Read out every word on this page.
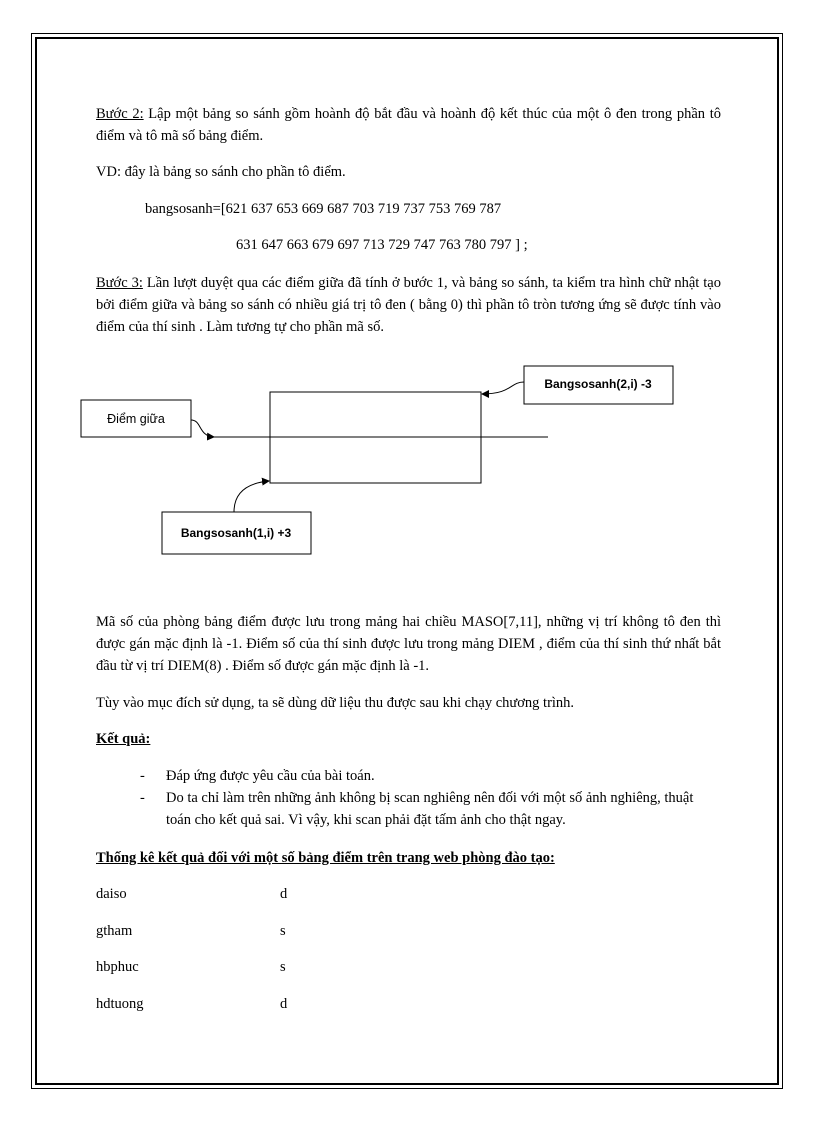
Bước 2: Lập một bảng so sánh gồm hoành độ bắt đầu và hoành độ kết thúc của một ô đen trong phần tô điểm và tô mã số bảng điểm.
VD: đây là bảng so sánh cho phần tô điểm.
bangsosanh=[621 637 653 669 687 703 719 737 753 769 787
631 647 663 679 697 713 729 747 763 780 797 ] ;
Bước 3: Lần lượt duyệt qua các điểm giữa đã tính ở bước 1, và bảng so sánh, ta kiểm tra hình chữ nhật tạo bởi điểm giữa và bảng so sánh có nhiều giá trị tô đen ( bằng 0) thì phần tô tròn tương ứng sẽ được tính vào điểm của thí sinh . Làm tương tự cho phần mã số.
Điểm giữa
Bangsosanh(2,i) -3
Bangsosanh(1,i) +3
Mã số của phòng bảng điểm được lưu trong mảng hai chiều MASO[7,11], những vị trí không tô đen thì được gán mặc định là -1. Điểm số của thí sinh được lưu trong mảng DIEM , điểm của thí sinh thứ nhất bắt đầu từ vị trí DIEM(8) . Điểm số được gán mặc định là -1.
Tùy vào mục đích sử dụng, ta sẽ dùng dữ liệu thu được sau khi chạy chương trình.
Kết quả:
- Đáp ứng được yêu cầu của bài toán.
- Do ta chỉ làm trên những ảnh không bị scan nghiêng nên đối với một số ảnh nghiêng, thuật toán cho kết quả sai. Vì vậy, khi scan phải đặt tấm ảnh cho thật ngay.
Thống kê kết quả đối với một số bảng điểm trên trang web phòng đào tạo:
daiso	d
gtham	s
hbphuc	s
hdtuong	d
